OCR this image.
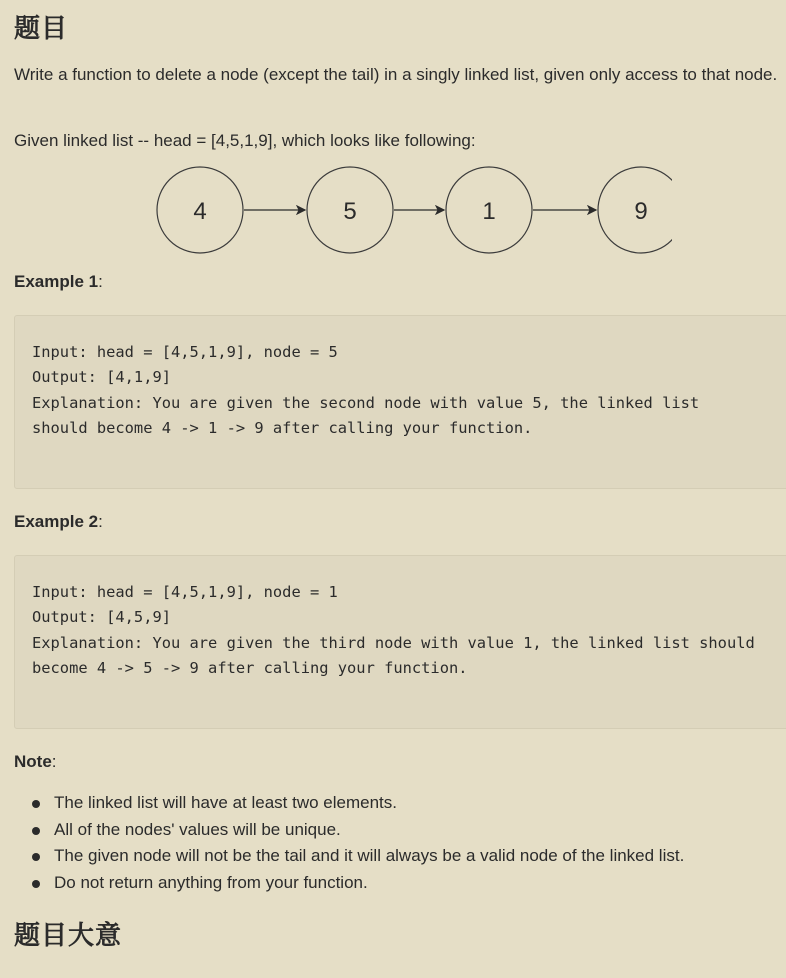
题目

Write a function to delete a node (except the tail) in a singly linked list, given only access to that node.

Given linked list -- head = [4,5,1,9], which looks like following:

4	5	1	9
Example 1:
Input: head = [4,5,1,9], node = 5
Output: [4,1,9]
Explanation: You are given the second node with value 5, the linked list
should become 4 -> 1 -> 9 after calling your function.
Example 2:
Input: head = [4,5,1,9], node = 1
Output: [4,5,9]
Explanation: You are given the third node with value 1, the linked list should
become 4 -> 5 -> 9 after calling your function.
Note:
The linked list will have at least two elements.
All of the nodes' values will be unique.
The given node will not be the tail and it will always be a valid node of the linked list.
Do not return anything from your function.
题目大意
